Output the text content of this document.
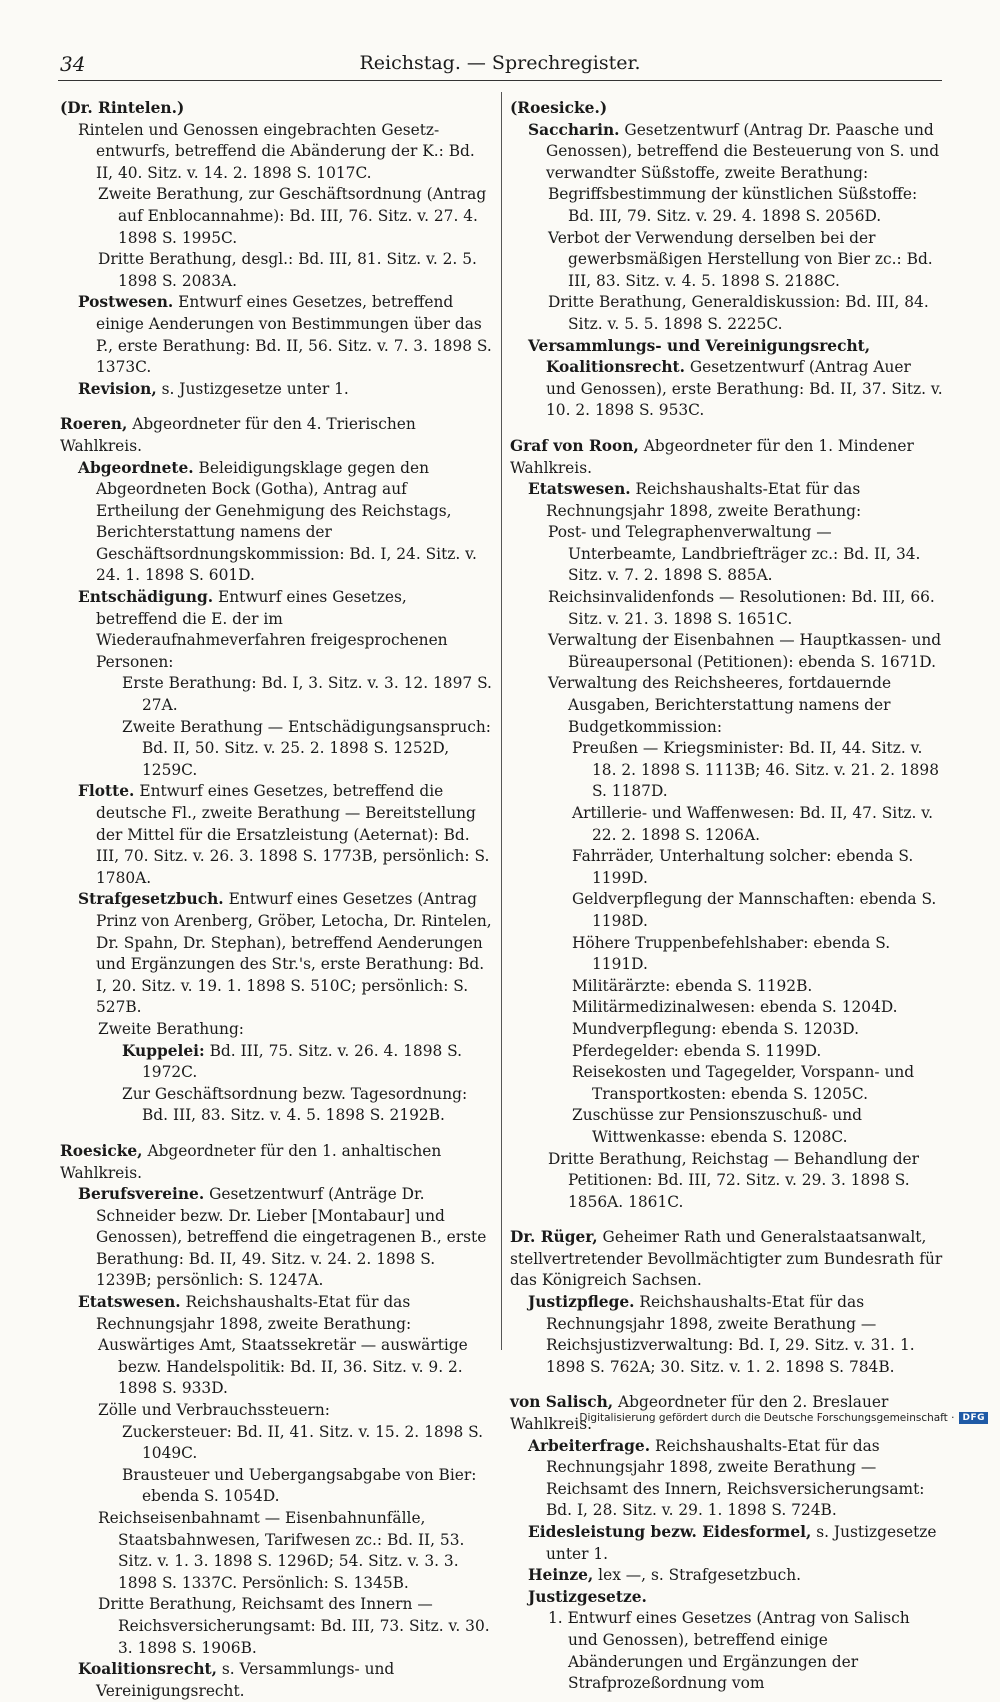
34	Reichstag. — Sprechregister.

(Dr. Rintelen.)

Rintelen und Genossen eingebrachten Gesetz-entwurfs, betreffend die Abänderung der K.: Bd. II, 40. Sitz. v. 14. 2. 1898 S. 1017C.

Zweite Berathung, zur Geschäftsordnung (Antrag auf Enblocannahme): Bd. III, 76. Sitz. v. 27. 4. 1898 S. 1995C.

Dritte Berathung, desgl.: Bd. III, 81. Sitz. v. 2. 5. 1898 S. 2083A.

Postwesen. Entwurf eines Gesetzes, betreffend einige Aenderungen von Bestimmungen über das P., erste Berathung: Bd. II, 56. Sitz. v. 7. 3. 1898 S. 1373C.

Revision, s. Justizgesetze unter 1.

Roeren, Abgeordneter für den 4. Trierischen Wahlkreis.

Abgeordnete. Beleidigungsklage gegen den Abgeordneten Bock (Gotha), Antrag auf Ertheilung der Genehmigung des Reichstags, Berichterstattung namens der Geschäftsordnungskommission: Bd. I, 24. Sitz. v. 24. 1. 1898 S. 601D.

Entschädigung. Entwurf eines Gesetzes, betreffend die E. der im Wiederaufnahmeverfahren freigesprochenen Personen:

Erste Berathung: Bd. I, 3. Sitz. v. 3. 12. 1897 S. 27A.

Zweite Berathung — Entschädigungsanspruch: Bd. II, 50. Sitz. v. 25. 2. 1898 S. 1252D, 1259C.

Flotte. Entwurf eines Gesetzes, betreffend die deutsche Fl., zweite Berathung — Bereitstellung der Mittel für die Ersatzleistung (Aeternat): Bd. III, 70. Sitz. v. 26. 3. 1898 S. 1773B, persönlich: S. 1780A.

Strafgesetzbuch. Entwurf eines Gesetzes (Antrag Prinz von Arenberg, Gröber, Letocha, Dr. Rintelen, Dr. Spahn, Dr. Stephan), betreffend Aenderungen und Ergänzungen des Str.'s, erste Berathung: Bd. I, 20. Sitz. v. 19. 1. 1898 S. 510C; persönlich: S. 527B.

Zweite Berathung:

Kuppelei: Bd. III, 75. Sitz. v. 26. 4. 1898 S. 1972C.

Zur Geschäftsordnung bezw. Tagesordnung: Bd. III, 83. Sitz. v. 4. 5. 1898 S. 2192B.

Roesicke, Abgeordneter für den 1. anhaltischen Wahlkreis.

Berufsvereine. Gesetzentwurf (Anträge Dr. Schneider bezw. Dr. Lieber [Montabaur] und Genossen), betreffend die eingetragenen B., erste Berathung: Bd. II, 49. Sitz. v. 24. 2. 1898 S. 1239B; persönlich: S. 1247A.

Etatswesen. Reichshaushalts-Etat für das Rechnungsjahr 1898, zweite Berathung:

Auswärtiges Amt, Staatssekretär — auswärtige bezw. Handelspolitik: Bd. II, 36. Sitz. v. 9. 2. 1898 S. 933D.

Zölle und Verbrauchssteuern:

Zuckersteuer: Bd. II, 41. Sitz. v. 15. 2. 1898 S. 1049C.

Brausteuer und Uebergangsabgabe von Bier: ebenda S. 1054D.

Reichseisenbahnamt — Eisenbahnunfälle, Staatsbahnwesen, Tarifwesen zc.: Bd. II, 53. Sitz. v. 1. 3. 1898 S. 1296D; 54. Sitz. v. 3. 3. 1898 S. 1337C. Persönlich: S. 1345B.

Dritte Berathung, Reichsamt des Innern — Reichsversicherungsamt: Bd. III, 73. Sitz. v. 30. 3. 1898 S. 1906B.

Koalitionsrecht, s. Versammlungs- und Vereinigungsrecht.

(Roesicke.)

Saccharin. Gesetzentwurf (Antrag Dr. Paasche und Genossen), betreffend die Besteuerung von S. und verwandter Süßstoffe, zweite Berathung:

Begriffsbestimmung der künstlichen Süßstoffe: Bd. III, 79. Sitz. v. 29. 4. 1898 S. 2056D.

Verbot der Verwendung derselben bei der gewerbsmäßigen Herstellung von Bier zc.: Bd. III, 83. Sitz. v. 4. 5. 1898 S. 2188C.

Dritte Berathung, Generaldiskussion: Bd. III, 84. Sitz. v. 5. 5. 1898 S. 2225C.

Versammlungs- und Vereinigungsrecht, Koalitionsrecht. Gesetzentwurf (Antrag Auer und Genossen), erste Berathung: Bd. II, 37. Sitz. v. 10. 2. 1898 S. 953C.

Graf von Roon, Abgeordneter für den 1. Mindener Wahlkreis.

Etatswesen. Reichshaushalts-Etat für das Rechnungsjahr 1898, zweite Berathung:

Post- und Telegraphenverwaltung — Unterbeamte, Landbriefträger zc.: Bd. II, 34. Sitz. v. 7. 2. 1898 S. 885A.

Reichsinvalidenfonds — Resolutionen: Bd. III, 66. Sitz. v. 21. 3. 1898 S. 1651C.

Verwaltung der Eisenbahnen — Hauptkassen- und Büreaupersonal (Petitionen): ebenda S. 1671D.

Verwaltung des Reichsheeres, fortdauernde Ausgaben, Berichterstattung namens der Budgetkommission:

Preußen — Kriegsminister: Bd. II, 44. Sitz. v. 18. 2. 1898 S. 1113B; 46. Sitz. v. 21. 2. 1898 S. 1187D.

Artillerie- und Waffenwesen: Bd. II, 47. Sitz. v. 22. 2. 1898 S. 1206A.

Fahrräder, Unterhaltung solcher: ebenda S. 1199D.

Geldverpflegung der Mannschaften: ebenda S. 1198D.

Höhere Truppenbefehlshaber: ebenda S. 1191D.

Militärärzte: ebenda S. 1192B.

Militärmedizinalwesen: ebenda S. 1204D.

Mundverpflegung: ebenda S. 1203D.

Pferdegelder: ebenda S. 1199D.

Reisekosten und Tagegelder, Vorspann- und Transportkosten: ebenda S. 1205C.

Zuschüsse zur Pensionszuschuß- und Wittwenkasse: ebenda S. 1208C.

Dritte Berathung, Reichstag — Behandlung der Petitionen: Bd. III, 72. Sitz. v. 29. 3. 1898 S. 1856A. 1861C.

Dr. Rüger, Geheimer Rath und Generalstaatsanwalt, stellvertretender Bevollmächtigter zum Bundesrath für das Königreich Sachsen.

Justizpflege. Reichshaushalts-Etat für das Rechnungsjahr 1898, zweite Berathung — Reichsjustizverwaltung: Bd. I, 29. Sitz. v. 31. 1. 1898 S. 762A; 30. Sitz. v. 1. 2. 1898 S. 784B.

von Salisch, Abgeordneter für den 2. Breslauer Wahlkreis.

Arbeiterfrage. Reichshaushalts-Etat für das Rechnungsjahr 1898, zweite Berathung — Reichsamt des Innern, Reichsversicherungsamt: Bd. I, 28. Sitz. v. 29. 1. 1898 S. 724B.

Eidesleistung bezw. Eidesformel, s. Justizgesetze unter 1.

Heinze, lex —, s. Strafgesetzbuch.

Justizgesetze.

1. Entwurf eines Gesetzes (Antrag von Salisch und Genossen), betreffend einige Abänderungen und Ergänzungen der Strafprozeßordnung vom

Digitalisierung gefördert durch die Deutsche Forschungsgemeinschaft · DFG
